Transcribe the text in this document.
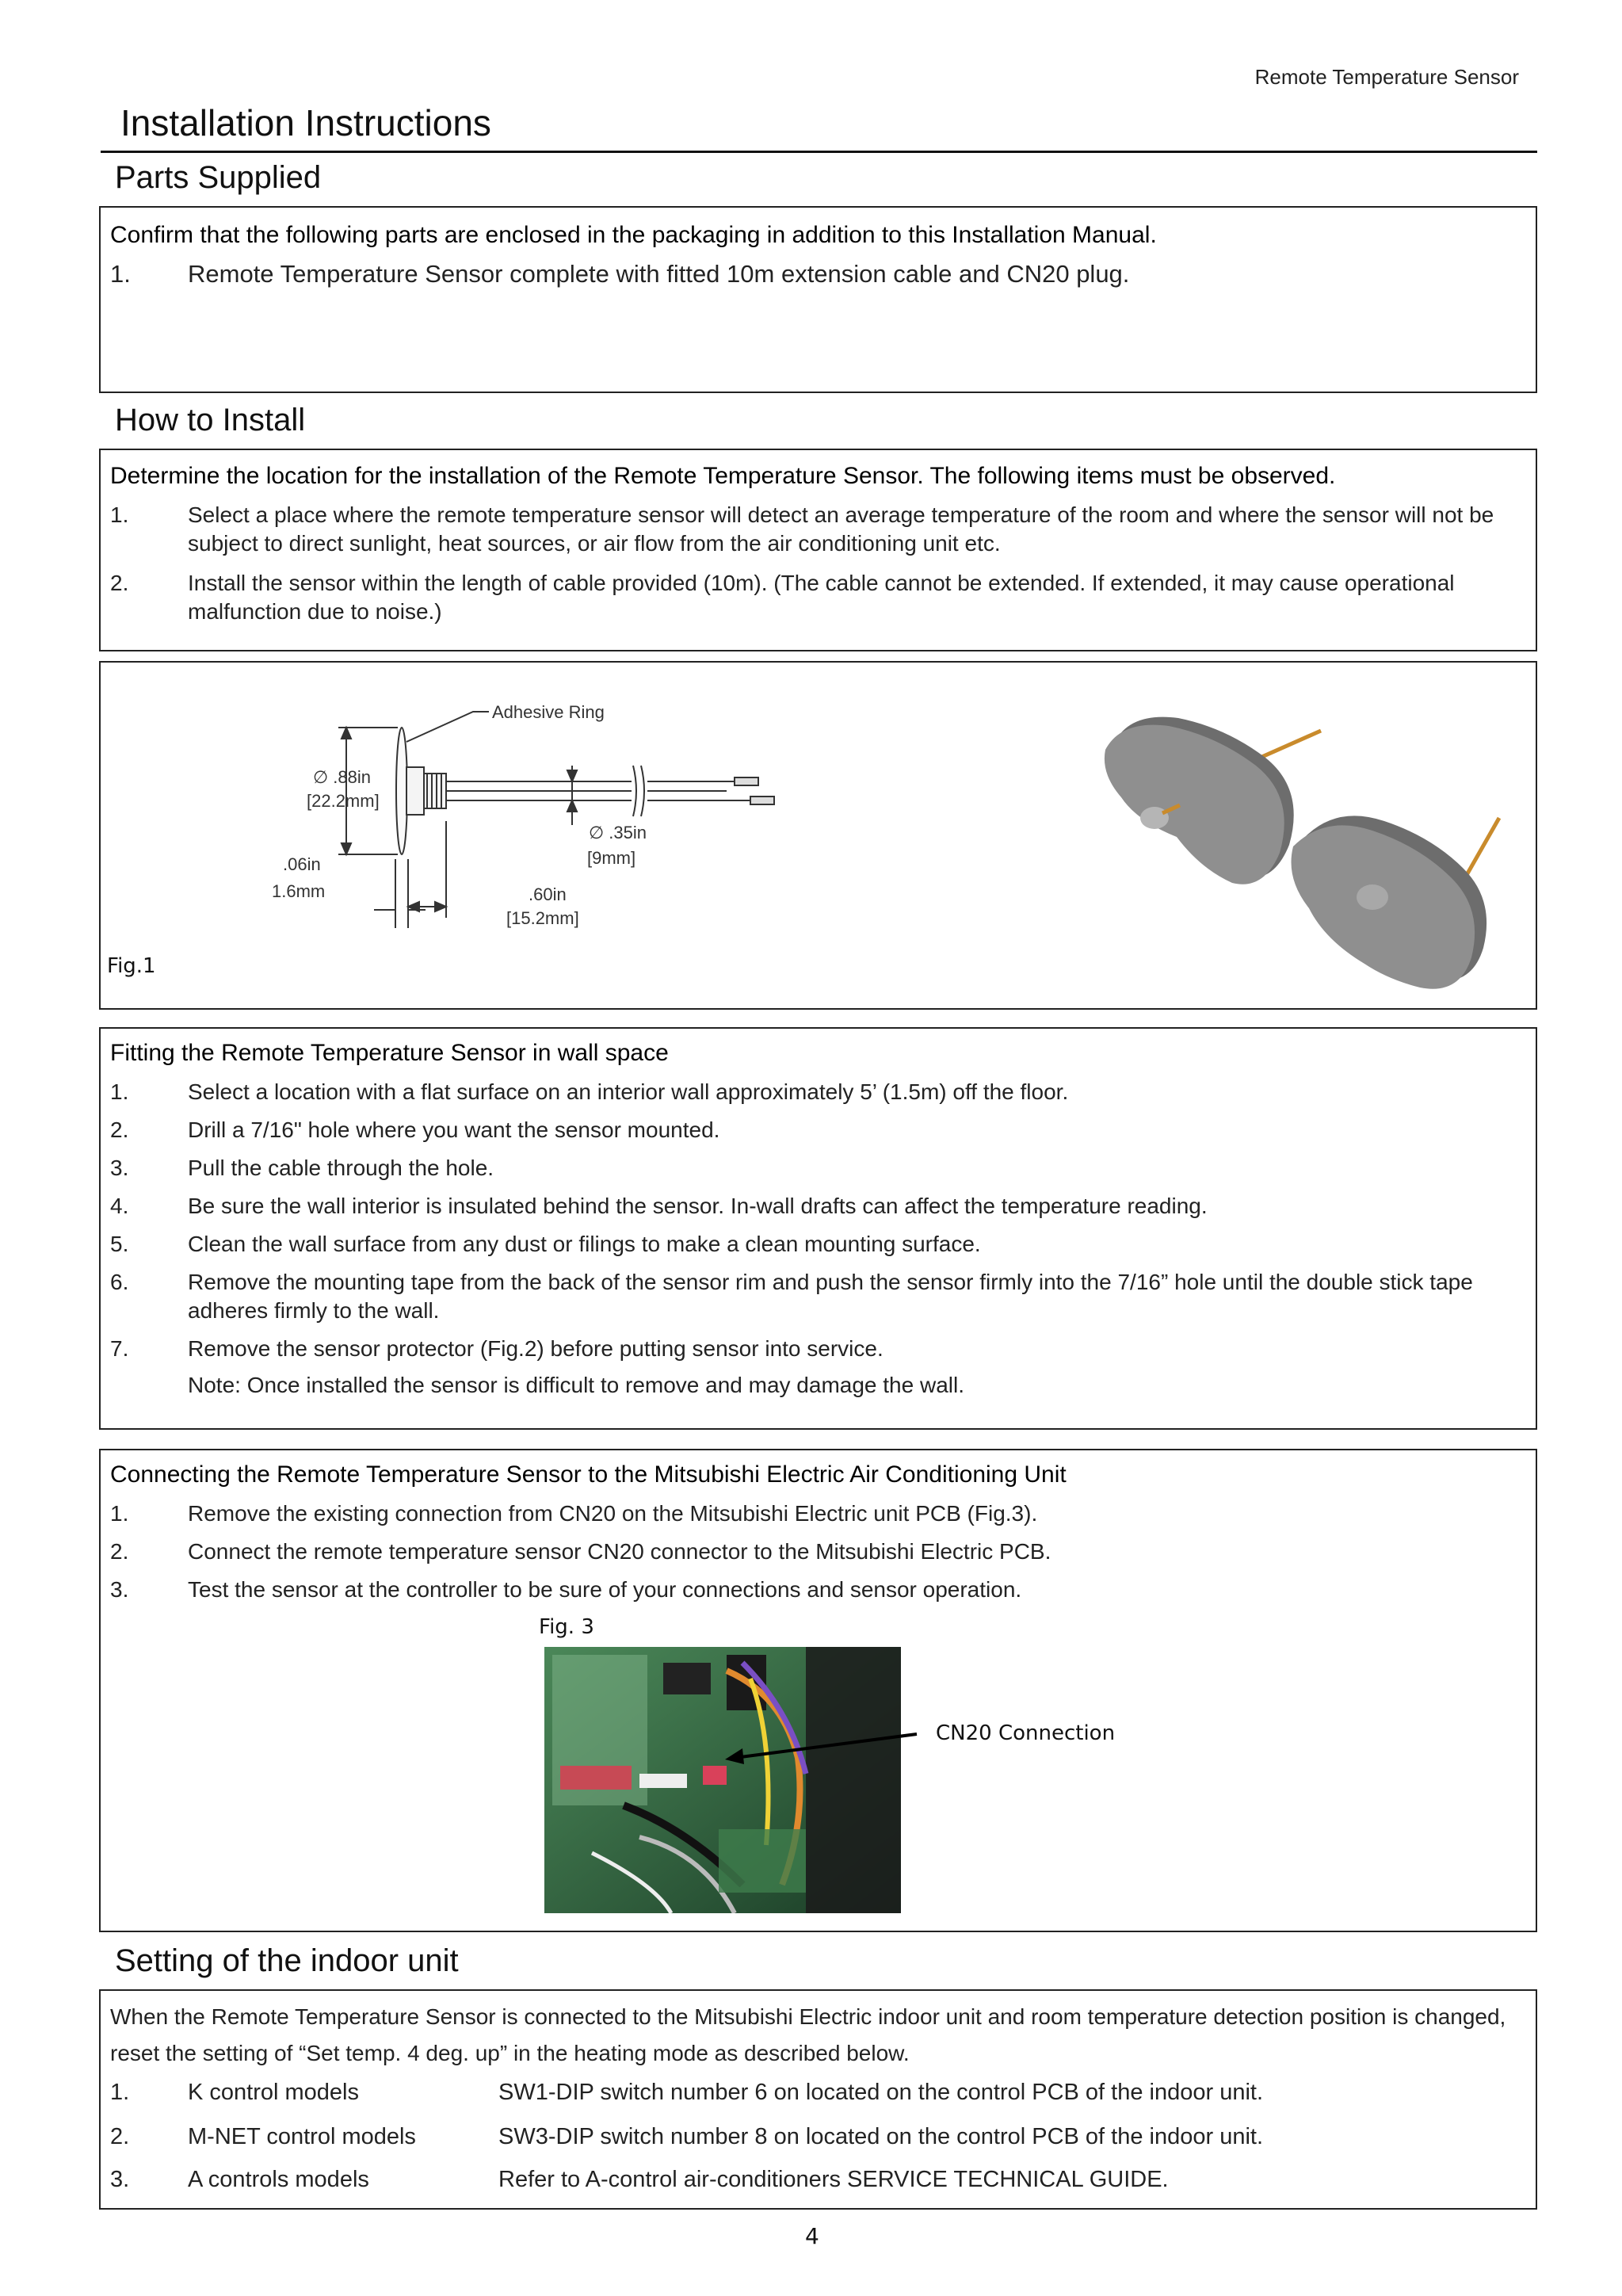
Remote Temperature Sensor
Installation Instructions
Parts Supplied
Confirm that the following parts are enclosed in the packaging in addition to this Installation Manual.
1.	Remote Temperature Sensor complete with fitted 10m extension cable and CN20 plug.
How to Install
Determine the location for the installation of the Remote Temperature Sensor. The following items must be observed.
1.	Select a place where the remote temperature sensor will detect an average temperature of the room and where the sensor will not be subject to direct sunlight, heat sources, or air flow from the air conditioning unit etc.
2.	Install the sensor within the length of cable provided (10m). (The cable cannot be extended. If extended, it may cause operational malfunction due to noise.)
Adhesive Ring
∅ .88in
[22.2mm]
.06in
1.6mm	.60in
[15.2mm]
∅ .35in
[9mm]
Fig.1
Fitting the Remote Temperature Sensor in wall space
1.	Select a location with a flat surface on an interior wall approximately 5’ (1.5m) off the floor.
2.	Drill a 7/16" hole where you want the sensor mounted.
3.	Pull the cable through the hole.
4.	Be sure the wall interior is insulated behind the sensor. In-wall drafts can affect the temperature reading.
5.	Clean the wall surface from any dust or filings to make a clean mounting surface.
6.	Remove the mounting tape from the back of the sensor rim and push the sensor firmly into the 7/16” hole until the double stick tape adheres firmly to the wall.
7.	Remove the sensor protector (Fig.2) before putting sensor into service.
Note: Once installed the sensor is difficult to remove and may damage the wall.
Connecting the Remote Temperature Sensor to the Mitsubishi Electric Air Conditioning Unit
1.	Remove the existing connection from CN20 on the Mitsubishi Electric unit PCB (Fig.3).
2.	Connect the remote temperature sensor CN20 connector to the Mitsubishi Electric PCB.
3.	Test the sensor at the controller to be sure of your connections and sensor operation.
Fig. 3
CN20 Connection
Setting of the indoor unit
When the Remote Temperature Sensor is connected to the Mitsubishi Electric indoor unit and room temperature detection position is changed, reset the setting of “Set temp. 4 deg. up” in the heating mode as described below.
1.	K control models	SW1-DIP switch number 6 on located on the control PCB of the indoor unit.
2.	M-NET control models	SW3-DIP switch number 8 on located on the control PCB of the indoor unit.
3.	A controls models	Refer to A-control air-conditioners SERVICE TECHNICAL GUIDE.
4
